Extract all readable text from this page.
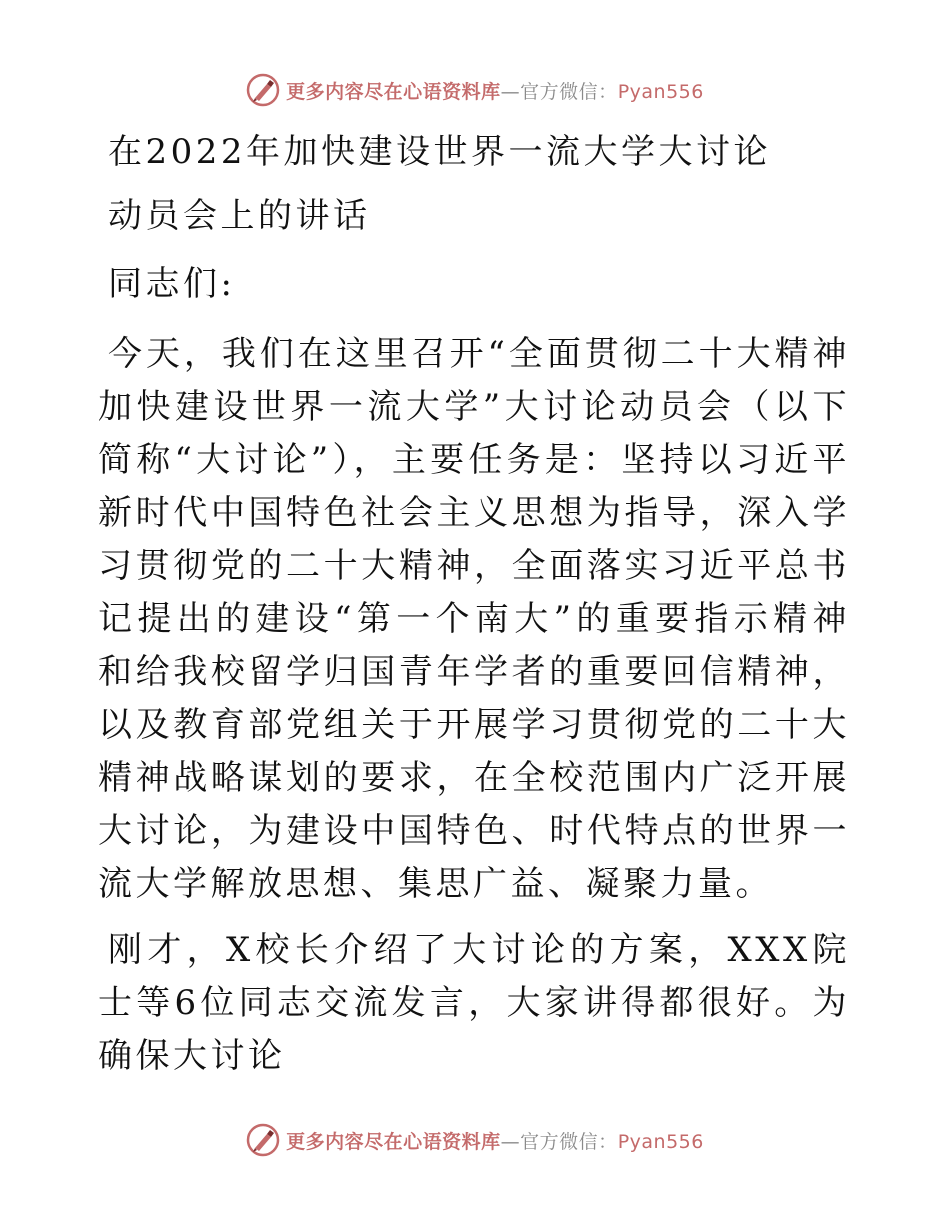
更多内容尽在心语资料库—官方微信：Pyan556
在2022年加快建设世界一流大学大讨论
动员会上的讲话
同志们:

今天，我们在这里召开“全面贯彻二十大精神加快建设世界一流大学”大讨论动员会（以下简称“大讨论”），主要任务是：坚持以习近平新时代中国特色社会主义思想为指导，深入学习贯彻党的二十大精神，全面落实习近平总书记提出的建设“第一个南大”的重要指示精神和给我校留学归国青年学者的重要回信精神，以及教育部党组关于开展学习贯彻党的二十大精神战略谋划的要求，在全校范围内广泛开展大讨论，为建设中国特色、时代特点的世界一流大学解放思想、集思广益、凝聚力量。

刚才，X校长介绍了大讨论的方案，XXX院士等6位同志交流发言，大家讲得都很好。为确保大讨论

更多内容尽在心语资料库—官方微信：Pyan556
